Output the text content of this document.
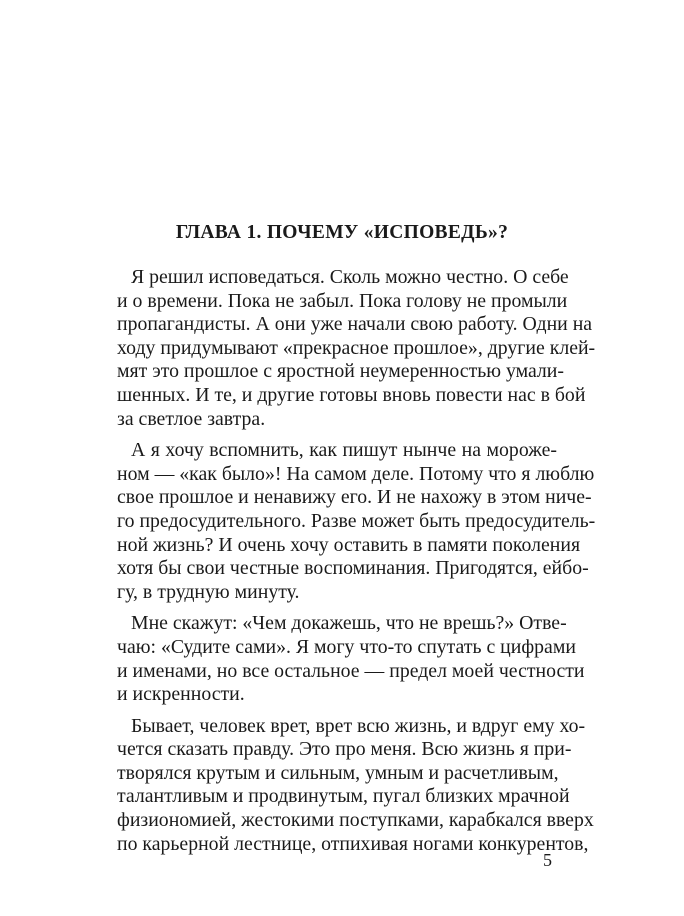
ГЛАВА 1. ПОЧЕМУ «ИСПОВЕДЬ»?

Я решил исповедаться. Сколь можно честно. О себе
и о времени. Пока не забыл. Пока голову не промыли
пропагандисты. А они уже начали свою работу. Одни на
ходу придумывают «прекрасное прошлое», другие клей-
мят это прошлое с яростной неумеренностью умали-
шенных. И те, и другие готовы вновь повести нас в бой
за светлое завтра.

А я хочу вспомнить, как пишут нынче на мороже-
ном — «как было»! На самом деле. Потому что я люблю
свое прошлое и ненавижу его. И не нахожу в этом ниче-
го предосудительного. Разве может быть предосудитель-
ной жизнь? И очень хочу оставить в памяти поколения
хотя бы свои честные воспоминания. Пригодятся, ейбо-
гу, в трудную минуту.

Мне скажут: «Чем докажешь, что не врешь?» Отве-
чаю: «Судите сами». Я могу что-то спутать с цифрами
и именами, но все остальное — предел моей честности
и искренности.

Бывает, человек врет, врет всю жизнь, и вдруг ему хо-
чется сказать правду. Это про меня. Всю жизнь я при-
творялся крутым и сильным, умным и расчетливым,
талантливым и продвинутым, пугал близких мрачной
физиономией, жестокими поступками, карабкался вверх
по карьерной лестнице, отпихивая ногами конкурентов,

5
